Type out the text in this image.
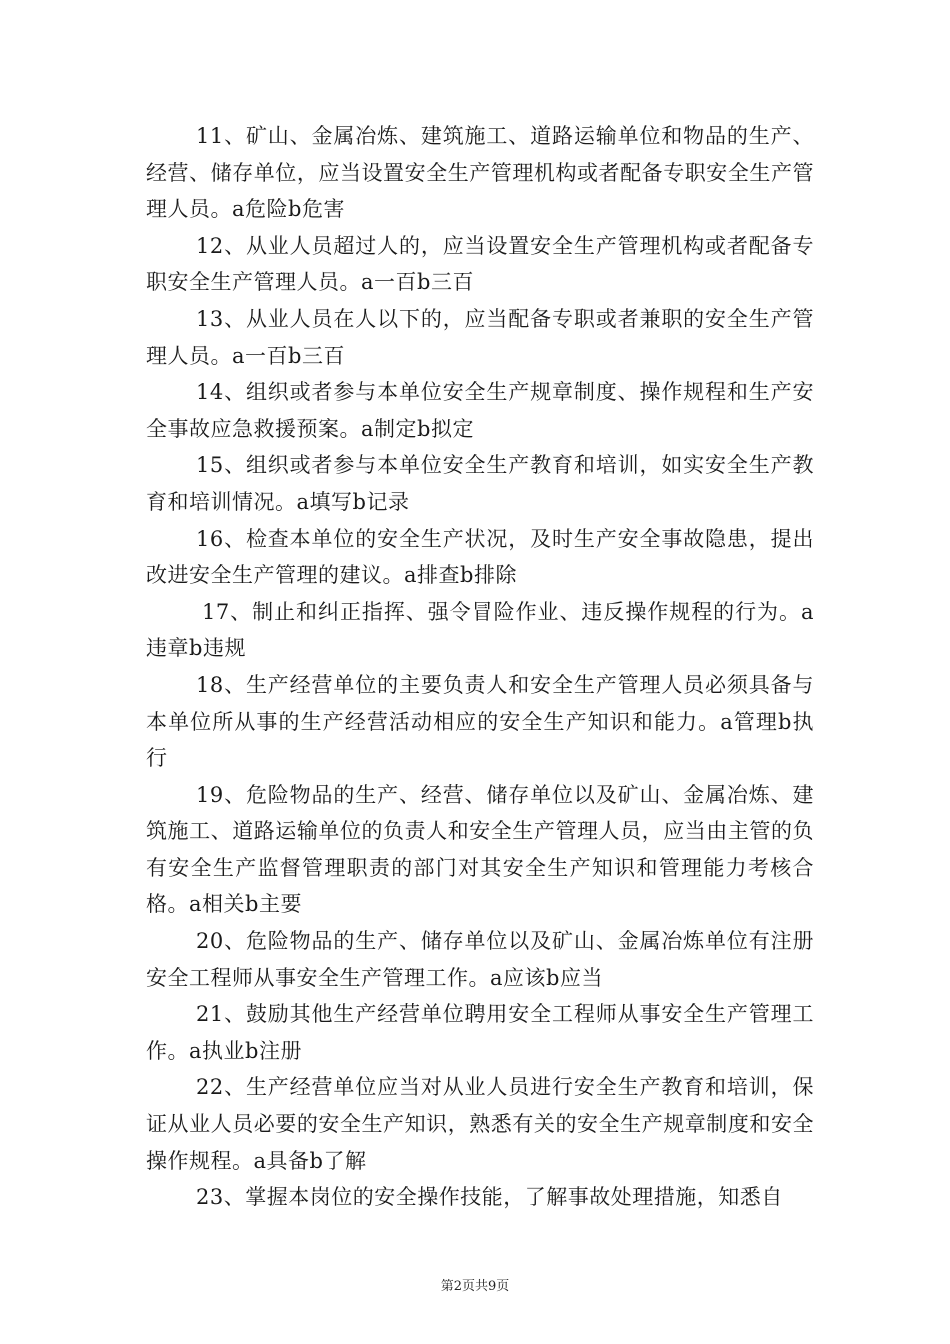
11、矿山、金属冶炼、建筑施工、道路运输单位和物品的生产、经营、储存单位，应当设置安全生产管理机构或者配备专职安全生产管理人员。a危险b危害

12、从业人员超过人的，应当设置安全生产管理机构或者配备专职安全生产管理人员。a一百b三百

13、从业人员在人以下的，应当配备专职或者兼职的安全生产管理人员。a一百b三百

14、组织或者参与本单位安全生产规章制度、操作规程和生产安全事故应急救援预案。a制定b拟定

15、组织或者参与本单位安全生产教育和培训，如实安全生产教育和培训情况。a填写b记录

16、检查本单位的安全生产状况，及时生产安全事故隐患，提出改进安全生产管理的建议。a排查b排除

17、制止和纠正指挥、强令冒险作业、违反操作规程的行为。a违章b违规

18、生产经营单位的主要负责人和安全生产管理人员必须具备与本单位所从事的生产经营活动相应的安全生产知识和能力。a管理b执行

19、危险物品的生产、经营、储存单位以及矿山、金属冶炼、建筑施工、道路运输单位的负责人和安全生产管理人员，应当由主管的负有安全生产监督管理职责的部门对其安全生产知识和管理能力考核合格。a相关b主要

20、危险物品的生产、储存单位以及矿山、金属冶炼单位有注册安全工程师从事安全生产管理工作。a应该b应当

21、鼓励其他生产经营单位聘用安全工程师从事安全生产管理工作。a执业b注册

22、生产经营单位应当对从业人员进行安全生产教育和培训，保证从业人员必要的安全生产知识，熟悉有关的安全生产规章制度和安全操作规程。a具备b了解

23、掌握本岗位的安全操作技能，了解事故处理措施，知悉自

第2页共9页
